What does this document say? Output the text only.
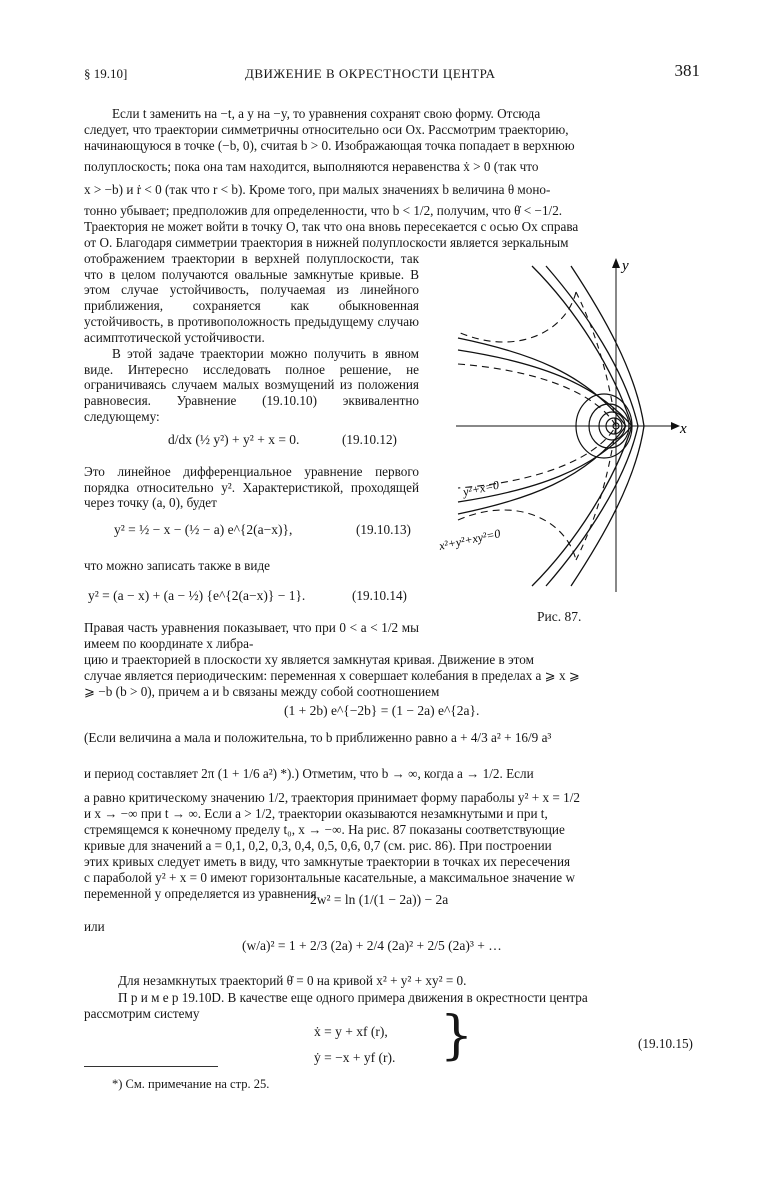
§ 19.10]	ДВИЖЕНИЕ В ОКРЕСТНОСТИ ЦЕНТРА	381
Если t заменить на −t, а y на −y, то уравнения сохранят свою форму. Отсюда
следует, что траектории симметричны относительно оси Ox. Рассмотрим траекторию,
начинающуюся в точке (−b, 0), считая b > 0. Изображающая точка попадает в верхнюю
полуплоскость; пока она там находится, выполняются неравенства ẋ > 0 (так что
x > −b) и ṙ < 0 (так что r < b). Кроме того, при малых значениях b величина θ моно-
тонно убывает; предположив для определенности, что b < 1/2, получим, что θ̇ < −1/2.
Траектория не может войти в точку O, так что она вновь пересекается с осью Ox справа
от O. Благодаря симметрии траектория в нижней полуплоскости является зеркальным

отображением траектории в верхней полуплоскости, так что в целом получаются овальные замкнутые кривые. В этом случае устойчивость, получаемая из линейного приближения, сохраняется как обыкновенная устойчивость, в противоположность предыдущему случаю асимптотической устойчивости.

В этой задаче траектории можно получить в явном виде. Интересно исследовать полное решение, не ограничиваясь случаем малых возмущений из положения равновесия. Уравнение (19.10.10) эквивалентно следующему:

d/dx (½ y²) + y² + x = 0.	(19.10.12)

Это линейное дифференциальное уравнение первого порядка относительно y². Характеристикой, проходящей через точку (a, 0), будет

y² = ½ − x − (½ − a) e^{2(a−x)},	(19.10.13)

что можно записать также в виде

y² = (a − x) + (a − ½) {e^{2(a−x)} − 1}.	(19.10.14)

Правая часть уравнения показывает, что при 0 < a < 1/2 мы имеем по координате x либра-

x
y
y²+x=0
x²+y²+xy²=0
Рис. 87.
цию и траекторией в плоскости xy является замкнутая кривая. Движение в этом
случае является периодическим: переменная x совершает колебания в пределах a ⩾ x ⩾
⩾ −b (b > 0), причем a и b связаны между собой соотношением
(1 + 2b) e^{−2b} = (1 − 2a) e^{2a}.
(Если величина a мала и положительна, то b приближенно равно a + 4/3 a² + 16/9 a³
и период составляет 2π (1 + 1/6 a²) *).) Отметим, что b → ∞, когда a → 1/2. Если
a равно критическому значению 1/2, траектория принимает форму параболы y² + x = 1/2
и x → −∞ при t → ∞. Если a > 1/2, траектории оказываются незамкнутыми и при t,
стремящемся к конечному пределу t₀, x → −∞. На рис. 87 показаны соответствующие
кривые для значений a = 0,1, 0,2, 0,3, 0,4, 0,5, 0,6, 0,7 (см. рис. 86). При построении
этих кривых следует иметь в виду, что замкнутые траектории в точках их пересечения
с параболой y² + x = 0 имеют горизонтальные касательные, а максимальное значение w
переменной y определяется из уравнения
2w² = ln (1/(1 − 2a)) − 2a
или
(w/a)² = 1 + 2/3 (2a) + 2/4 (2a)² + 2/5 (2a)³ + …
Для незамкнутых траекторий θ̇ = 0 на кривой x² + y² + xy² = 0.
П р и м е р 19.10D. В качестве еще одного примера движения в окрестности центра
рассмотрим систему
ẋ = y + xf (r),
ẏ = −x + yf (r). }	(19.10.15)
*) См. примечание на стр. 25.
